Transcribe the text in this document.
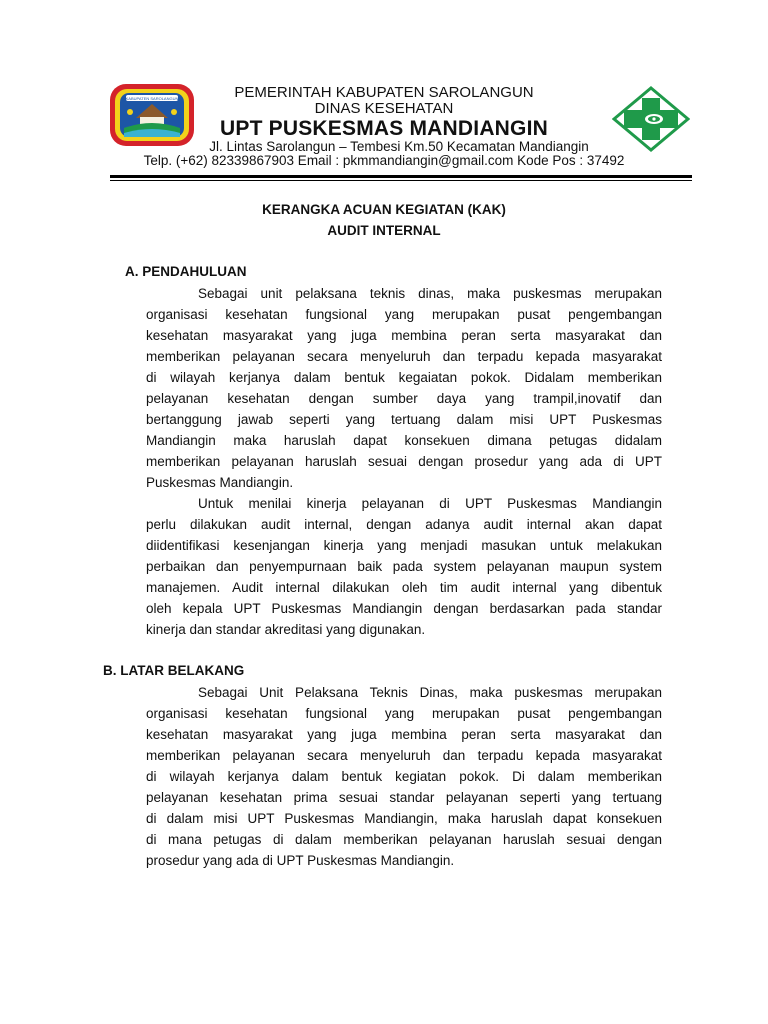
KABUPATEN SAROLANGUN	PEMERINTAH KABUPATEN SAROLANGUN
DINAS KESEHATAN
UPT PUSKESMAS MANDIANGIN
Jl. Lintas Sarolangun – Tembesi Km.50 Kecamatan Mandiangin
Telp. (+62) 82339867903 Email : pkmmandiangin@gmail.com Kode Pos : 37492
KERANGKA ACUAN KEGIATAN (KAK)
AUDIT INTERNAL
A. PENDAHULUAN
Sebagai unit pelaksana teknis dinas, maka puskesmas merupakan
organisasi kesehatan fungsional yang merupakan pusat pengembangan
kesehatan masyarakat yang juga membina peran serta masyarakat dan
memberikan pelayanan secara menyeluruh dan terpadu kepada masyarakat
di wilayah kerjanya dalam bentuk kegaiatan pokok. Didalam memberikan
pelayanan kesehatan dengan sumber daya yang trampil,inovatif dan
bertanggung jawab seperti yang tertuang dalam misi UPT Puskesmas
Mandiangin maka haruslah dapat konsekuen dimana petugas didalam
memberikan pelayanan haruslah sesuai dengan prosedur yang ada di UPT
Puskesmas Mandiangin.
Untuk menilai kinerja pelayanan di UPT Puskesmas Mandiangin
perlu dilakukan audit internal, dengan adanya audit internal akan dapat
diidentifikasi kesenjangan kinerja yang menjadi masukan untuk melakukan
perbaikan dan penyempurnaan baik pada system pelayanan maupun system
manajemen. Audit internal dilakukan oleh tim audit internal yang dibentuk
oleh kepala UPT Puskesmas Mandiangin dengan berdasarkan pada standar
kinerja dan standar akreditasi yang digunakan.
B. LATAR BELAKANG
Sebagai Unit Pelaksana Teknis Dinas, maka puskesmas merupakan
organisasi kesehatan fungsional yang merupakan pusat pengembangan
kesehatan masyarakat yang juga membina peran serta masyarakat dan
memberikan pelayanan secara menyeluruh dan terpadu kepada masyarakat
di wilayah kerjanya dalam bentuk kegiatan pokok. Di dalam memberikan
pelayanan kesehatan prima sesuai standar pelayanan seperti yang tertuang
di dalam misi UPT Puskesmas Mandiangin, maka haruslah dapat konsekuen
di mana petugas di dalam memberikan pelayanan haruslah sesuai dengan
prosedur yang ada di UPT Puskesmas Mandiangin.
